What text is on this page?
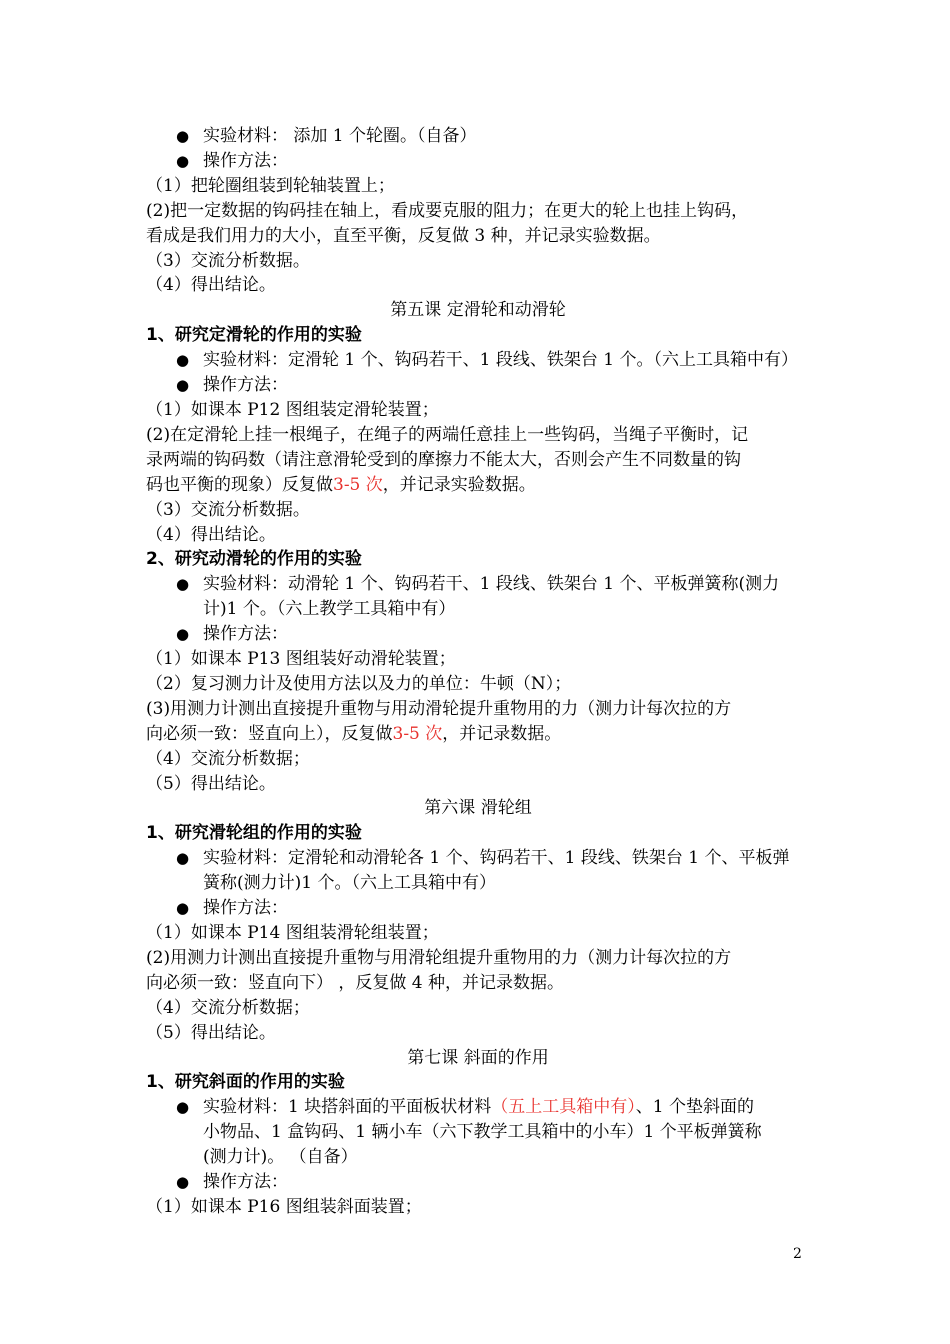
● 实验材料： 添加 1 个轮圈。（自备）
● 操作方法：
（1）把轮圈组装到轮轴装置上；
(2)把一定数据的钩码挂在轴上，看成要克服的阻力；在更大的轮上也挂上钩码，
看成是我们用力的大小，直至平衡，反复做 3 种，并记录实验数据。
（3）交流分析数据。
（4）得出结论。
第五课 定滑轮和动滑轮
1、研究定滑轮的作用的实验
● 实验材料：定滑轮 1 个、钩码若干、1 段线、铁架台 1 个。（六上工具箱中有）
● 操作方法：
（1）如课本 P12 图组装定滑轮装置；
(2)在定滑轮上挂一根绳子，在绳子的两端任意挂上一些钩码，当绳子平衡时，记
录两端的钩码数（请注意滑轮受到的摩擦力不能太大，否则会产生不同数量的钩
码也平衡的现象）反复做3-5 次，并记录实验数据。
（3）交流分析数据。
（4）得出结论。
2、研究动滑轮的作用的实验
● 实验材料：动滑轮 1 个、钩码若干、1 段线、铁架台 1 个、平板弹簧称(测力
计)1 个。（六上教学工具箱中有）
● 操作方法：
（1）如课本 P13 图组装好动滑轮装置；
（2）复习测力计及使用方法以及力的单位：牛顿（N）；
(3)用测力计测出直接提升重物与用动滑轮提升重物用的力（测力计每次拉的方
向必须一致：竖直向上），反复做3-5 次，并记录数据。
（4）交流分析数据；
（5）得出结论。
第六课 滑轮组
1、研究滑轮组的作用的实验
● 实验材料：定滑轮和动滑轮各 1 个、钩码若干、1 段线、铁架台 1 个、平板弹
簧称(测力计)1 个。（六上工具箱中有）
● 操作方法：
（1）如课本 P14 图组装滑轮组装置；
(2)用测力计测出直接提升重物与用滑轮组提升重物用的力（测力计每次拉的方
向必须一致：竖直向下） ，反复做 4 种，并记录数据。
（4）交流分析数据；
（5）得出结论。
第七课 斜面的作用
1、研究斜面的作用的实验
● 实验材料：1 块搭斜面的平面板状材料（五上工具箱中有）、1 个垫斜面的
小物品、1 盒钩码、1 辆小车（六下教学工具箱中的小车）1 个平板弹簧称
(测力计)。 （自备）
● 操作方法：
（1）如课本 P16 图组装斜面装置；
2
